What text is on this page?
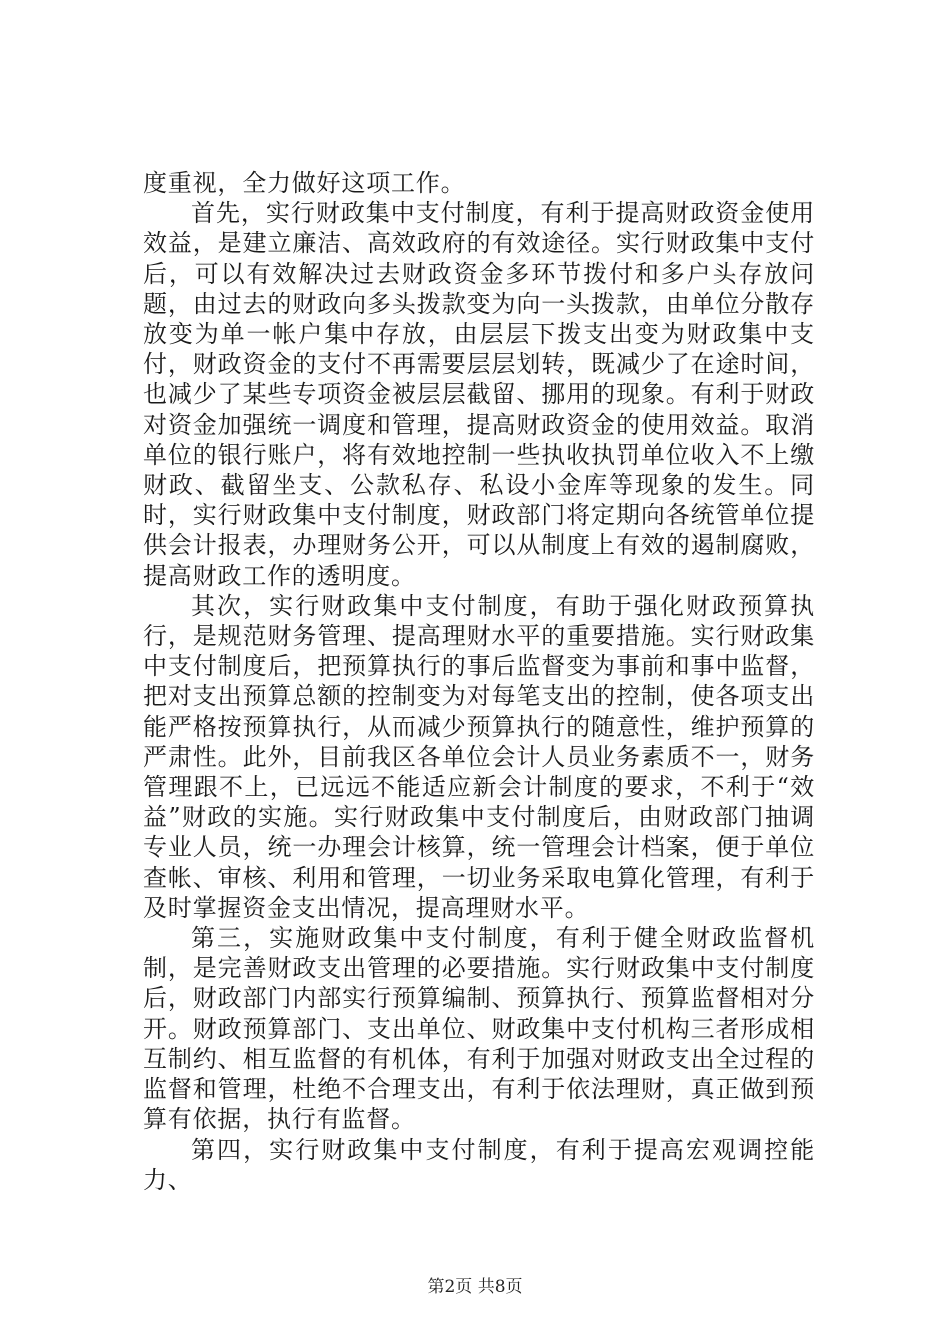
度重视，全力做好这项工作。

首先，实行财政集中支付制度，有利于提高财政资金使用效益，是建立廉洁、高效政府的有效途径。实行财政集中支付后，可以有效解决过去财政资金多环节拨付和多户头存放问题，由过去的财政向多头拨款变为向一头拨款，由单位分散存放变为单一帐户集中存放，由层层下拨支出变为财政集中支付，财政资金的支付不再需要层层划转，既减少了在途时间，也减少了某些专项资金被层层截留、挪用的现象。有利于财政对资金加强统一调度和管理，提高财政资金的使用效益。取消单位的银行账户，将有效地控制一些执收执罚单位收入不上缴财政、截留坐支、公款私存、私设小金库等现象的发生。同时，实行财政集中支付制度，财政部门将定期向各统管单位提供会计报表，办理财务公开，可以从制度上有效的遏制腐败，提高财政工作的透明度。

其次，实行财政集中支付制度，有助于强化财政预算执行，是规范财务管理、提高理财水平的重要措施。实行财政集中支付制度后，把预算执行的事后监督变为事前和事中监督，把对支出预算总额的控制变为对每笔支出的控制，使各项支出能严格按预算执行，从而减少预算执行的随意性，维护预算的严肃性。此外，目前我区各单位会计人员业务素质不一，财务管理跟不上，已远远不能适应新会计制度的要求，不利于“效益”财政的实施。实行财政集中支付制度后，由财政部门抽调专业人员，统一办理会计核算，统一管理会计档案，便于单位查帐、审核、利用和管理，一切业务采取电算化管理，有利于及时掌握资金支出情况，提高理财水平。

第三，实施财政集中支付制度，有利于健全财政监督机制，是完善财政支出管理的必要措施。实行财政集中支付制度后，财政部门内部实行预算编制、预算执行、预算监督相对分开。财政预算部门、支出单位、财政集中支付机构三者形成相互制约、相互监督的有机体，有利于加强对财政支出全过程的监督和管理，杜绝不合理支出，有利于依法理财，真正做到预算有依据，执行有监督。

第四，实行财政集中支付制度，有利于提高宏观调控能力、

第2页 共8页
